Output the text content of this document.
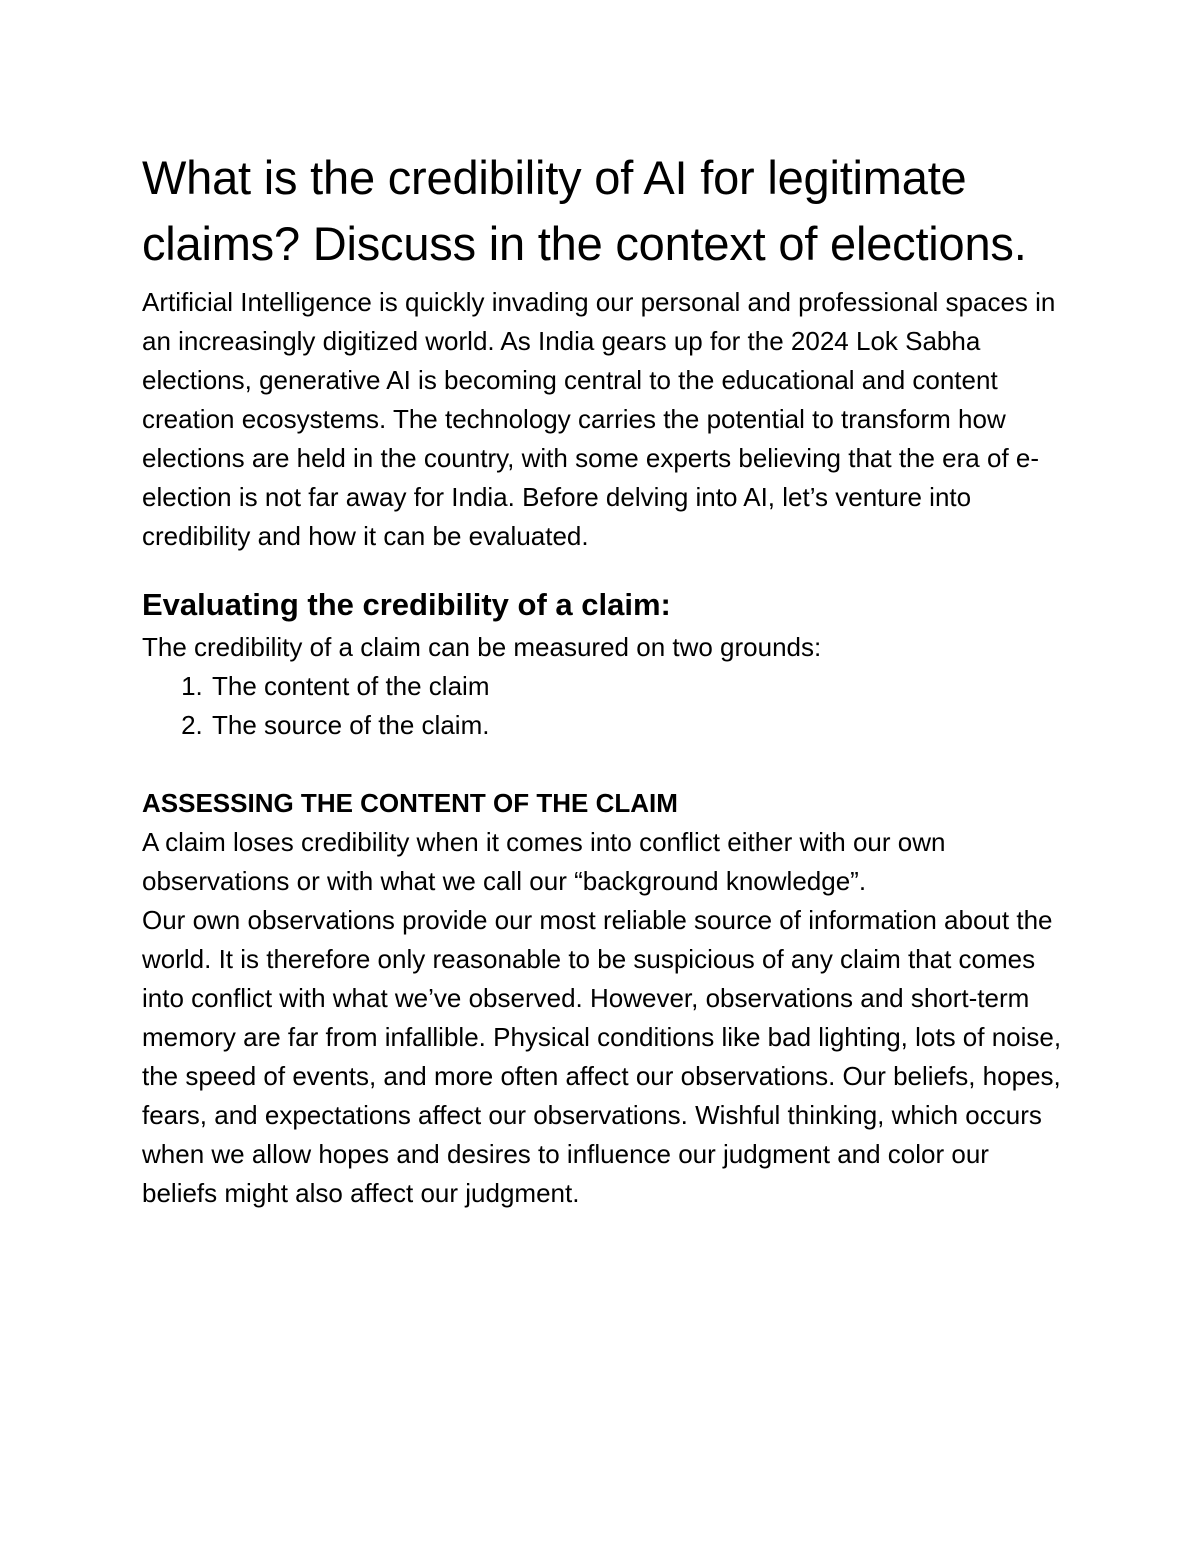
What is the credibility of AI for legitimate claims? Discuss in the context of elections.

Artificial Intelligence is quickly invading our personal and professional spaces in an increasingly digitized world. As India gears up for the 2024 Lok Sabha elections, generative AI is becoming central to the educational and content creation ecosystems. The technology carries the potential to transform how elections are held in the country, with some experts believing that the era of e-election is not far away for India. Before delving into AI, let’s venture into credibility and how it can be evaluated.

Evaluating the credibility of a claim:

The credibility of a claim can be measured on two grounds:

1. The content of the claim
2. The source of the claim.
ASSESSING THE CONTENT OF THE CLAIM

A claim loses credibility when it comes into conflict either with our own observations or with what we call our “background knowledge”.

Our own observations provide our most reliable source of information about the world. It is therefore only reasonable to be suspicious of any claim that comes into conflict with what we’ve observed. However, observations and short-term memory are far from infallible. Physical conditions like bad lighting, lots of noise, the speed of events, and more often affect our observations. Our beliefs, hopes, fears, and expectations affect our observations. Wishful thinking, which occurs when we allow hopes and desires to influence our judgment and color our beliefs might also affect our judgment.
